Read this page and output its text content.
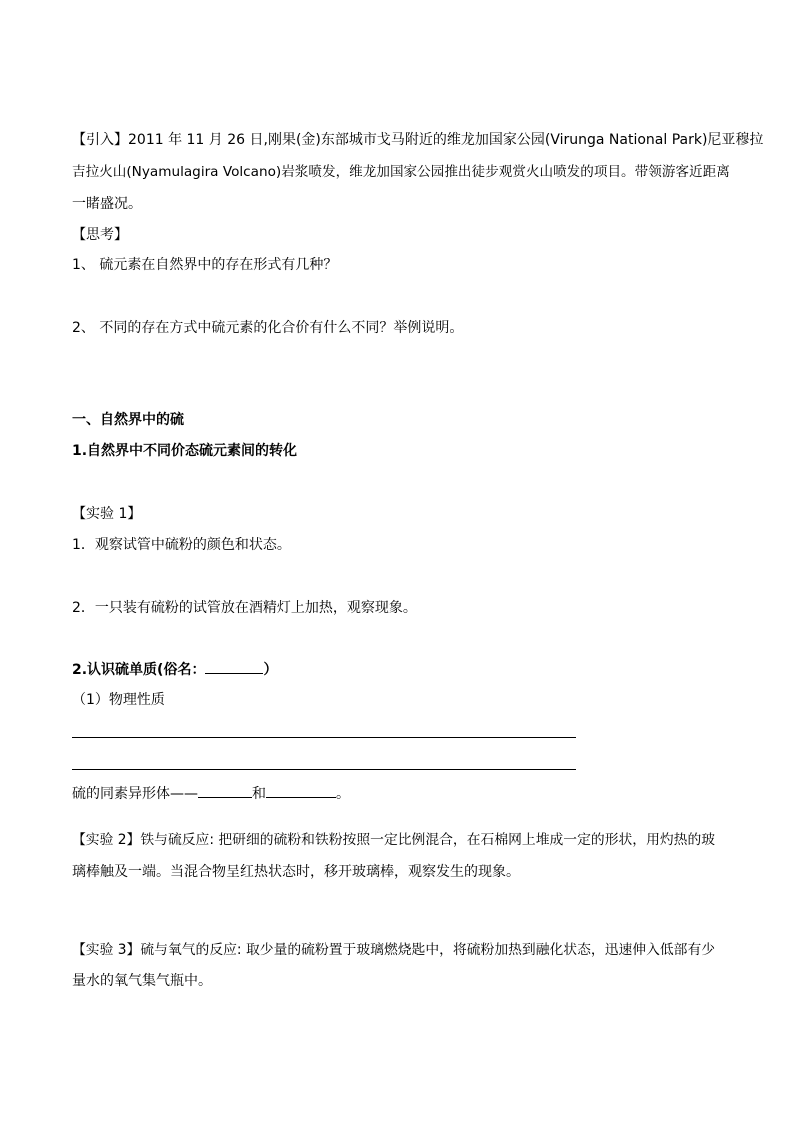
【引入】2011 年 11 月 26 日,刚果(金)东部城市戈马附近的维龙加国家公园(Virunga National Park)尼亚穆拉
吉拉火山(Nyamulagira Volcano)岩浆喷发，维龙加国家公园推出徒步观赏火山喷发的项目。带领游客近距离
一睹盛况。
【思考】
1、 硫元素在自然界中的存在形式有几种？
2、 不同的存在方式中硫元素的化合价有什么不同？举例说明。
一、自然界中的硫
1.自然界中不同价态硫元素间的转化
【实验 1】
1．观察试管中硫粉的颜色和状态。
2．一只装有硫粉的试管放在酒精灯上加热，观察现象。
2.认识硫单质(俗名：	）
（1）物理性质
硫的同素异形体——	和	。
【实验 2】铁与硫反应: 把研细的硫粉和铁粉按照一定比例混合，在石棉网上堆成一定的形状，用灼热的玻
璃棒触及一端。当混合物呈红热状态时，移开玻璃棒，观察发生的现象。
【实验 3】硫与氧气的反应: 取少量的硫粉置于玻璃燃烧匙中，将硫粉加热到融化状态，迅速伸入低部有少
量水的氧气集气瓶中。
